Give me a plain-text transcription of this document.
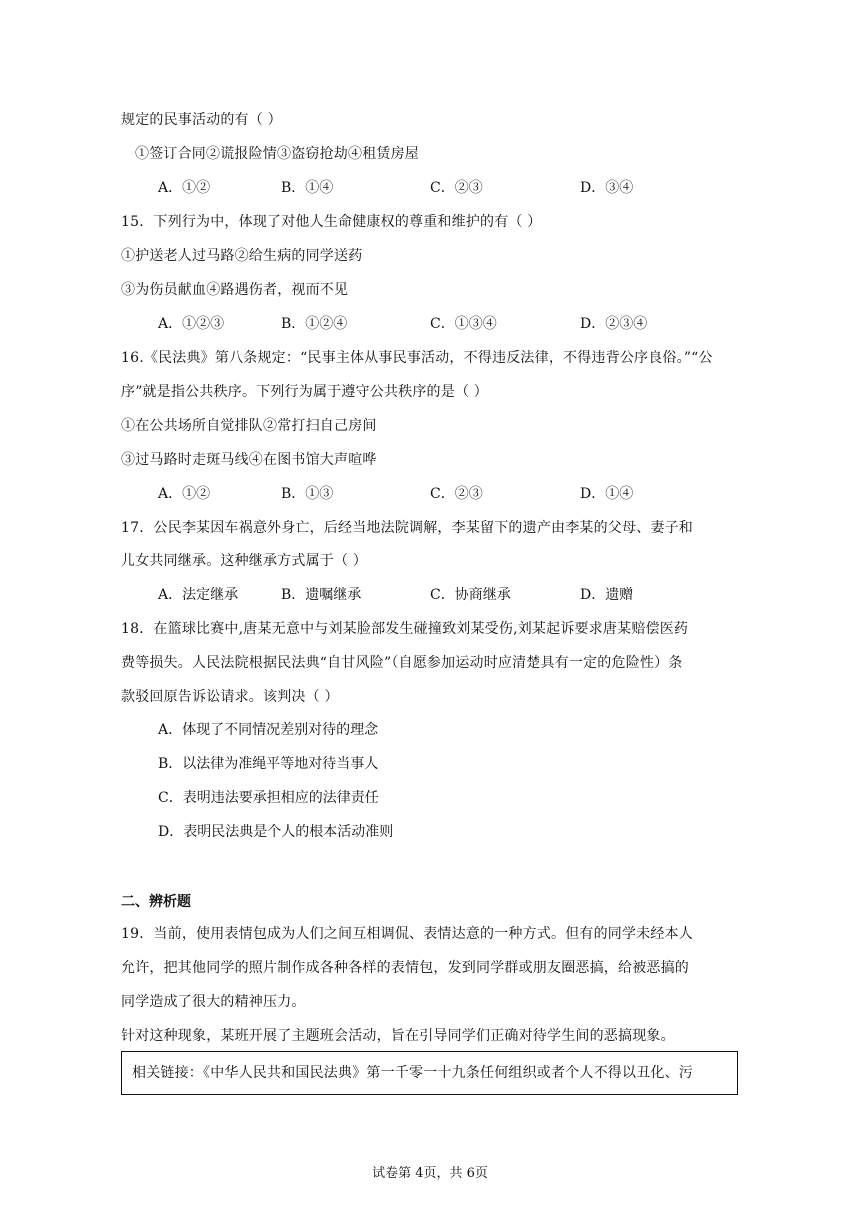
规定的民事活动的有（ ）
①签订合同②谎报险情③盗窃抢劫④租赁房屋
A．①②	B．①④	C．②③	D．③④
15．下列行为中，体现了对他人生命健康权的尊重和维护的有（ ）
①护送老人过马路②给生病的同学送药
③为伤员献血④路遇伤者，视而不见
A．①②③	B．①②④	C．①③④	D．②③④
16.《民法典》第八条规定：“民事主体从事民事活动，不得违反法律，不得违背公序良俗。”“公
序”就是指公共秩序。下列行为属于遵守公共秩序的是（ ）
①在公共场所自觉排队②常打扫自己房间
③过马路时走斑马线④在图书馆大声喧哗
A．①②	B．①③	C．②③	D．①④
17．公民李某因车祸意外身亡，后经当地法院调解，李某留下的遗产由李某的父母、妻子和
儿女共同继承。这种继承方式属于（ ）
A．法定继承	B．遗嘱继承	C．协商继承	D．遗赠
18．在篮球比赛中,唐某无意中与刘某脸部发生碰撞致刘某受伤,刘某起诉要求唐某赔偿医药
费等损失。人民法院根据民法典“自甘风险”（自愿参加运动时应清楚具有一定的危险性）条
款驳回原告诉讼请求。该判决（ ）
A．体现了不同情况差别对待的理念
B．以法律为准绳平等地对待当事人
C．表明违法要承担相应的法律责任
D．表明民法典是个人的根本活动准则
二、辨析题
19．当前，使用表情包成为人们之间互相调侃、表情达意的一种方式。但有的同学未经本人
允许，把其他同学的照片制作成各种各样的表情包，发到同学群或朋友圈恶搞，给被恶搞的
同学造成了很大的精神压力。
针对这种现象，某班开展了主题班会活动，旨在引导同学们正确对待学生间的恶搞现象。
相关链接：《中华人民共和国民法典》第一千零一十九条任何组织或者个人不得以丑化、污
试卷第 4页，共 6页
